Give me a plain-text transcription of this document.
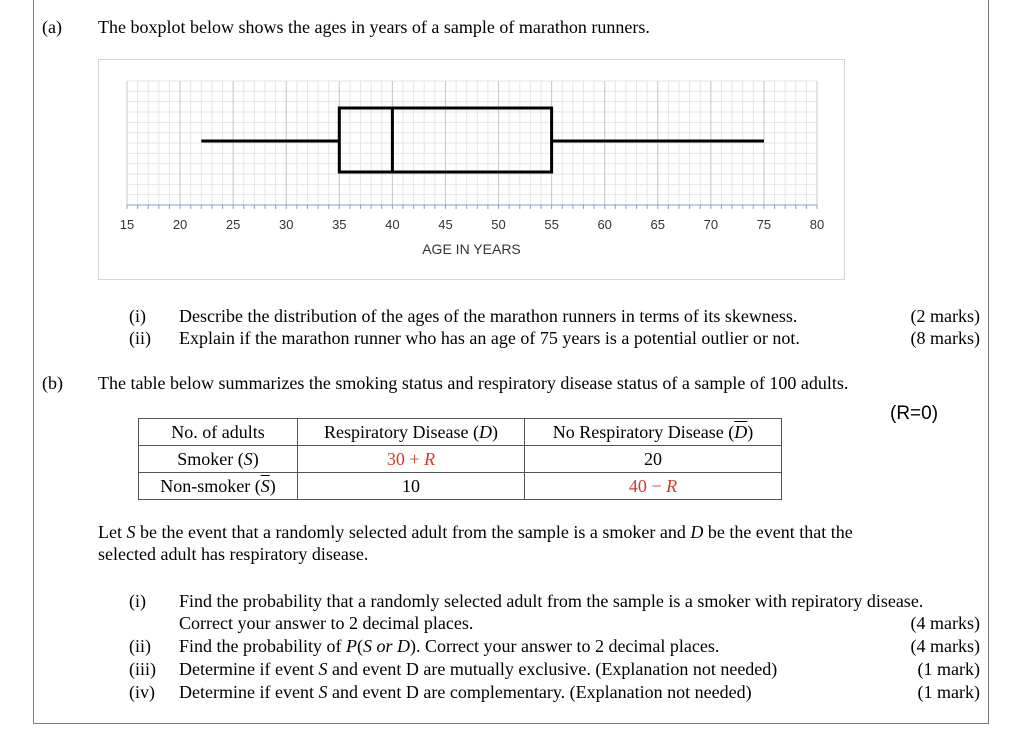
(a) The boxplot below shows the ages in years of a sample of marathon runners.
15	20	25	30	35	40	45	50	55	60	65	70	75	80
AGE IN YEARS
(i) Describe the distribution of the ages of the marathon runners in terms of its skewness.	(2 marks)
(ii) Explain if the marathon runner who has an age of 75 years is a potential outlier or not.	(8 marks)
(b) The table below summarizes the smoking status and respiratory disease status of a sample of 100 adults.
(R=0)
No. of adults	Respiratory Disease (D)	No Respiratory Disease $(\overline{D})$
Smoker (S)	30 + R	20
Non-smoker $(\overline{S})$	10	40 − R
Let S be the event that a randomly selected adult from the sample is a smoker and D be the event that the
selected adult has respiratory disease.
(i) Find the probability that a randomly selected adult from the sample is a smoker with repiratory disease.
Correct your answer to 2 decimal places.	(4 marks)
(ii) Find the probability of P(S or D). Correct your answer to 2 decimal places.	(4 marks)
(iii) Determine if event S and event D are mutually exclusive. (Explanation not needed)	(1 mark)
(iv) Determine if event S and event D are complementary. (Explanation not needed)	(1 mark)
